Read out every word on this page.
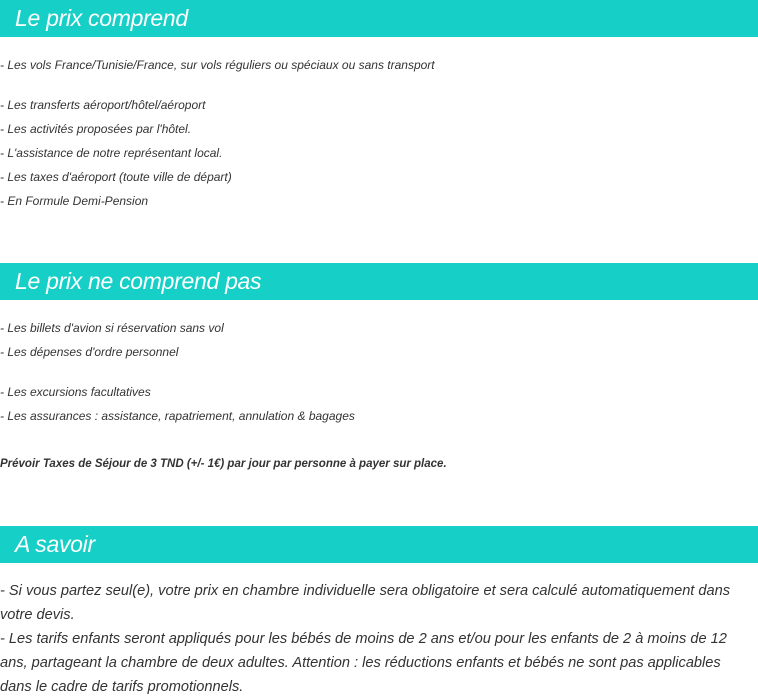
Le prix comprend
- Les vols France/Tunisie/France, sur vols réguliers ou spéciaux ou sans transport
- Les transferts aéroport/hôtel/aéroport
- Les activités proposées par l'hôtel.
- L'assistance de notre représentant local.
- Les taxes d'aéroport (toute ville de départ)
- En Formule Demi-Pension
Le prix ne comprend pas
- Les billets d'avion si réservation sans vol
- Les dépenses d'ordre personnel
- Les excursions facultatives
- Les assurances : assistance, rapatriement, annulation & bagages
Prévoir Taxes de Séjour de 3 TND (+/- 1€) par jour par personne à payer sur place.
A savoir
- Si vous partez seul(e), votre prix en chambre individuelle sera obligatoire et sera calculé automatiquement dans votre devis.
- Les tarifs enfants seront appliqués pour les bébés de moins de 2 ans et/ou pour les enfants de 2 à moins de 12 ans, partageant la chambre de deux adultes. Attention : les réductions enfants et bébés ne sont pas applicables dans le cadre de tarifs promotionnels.
